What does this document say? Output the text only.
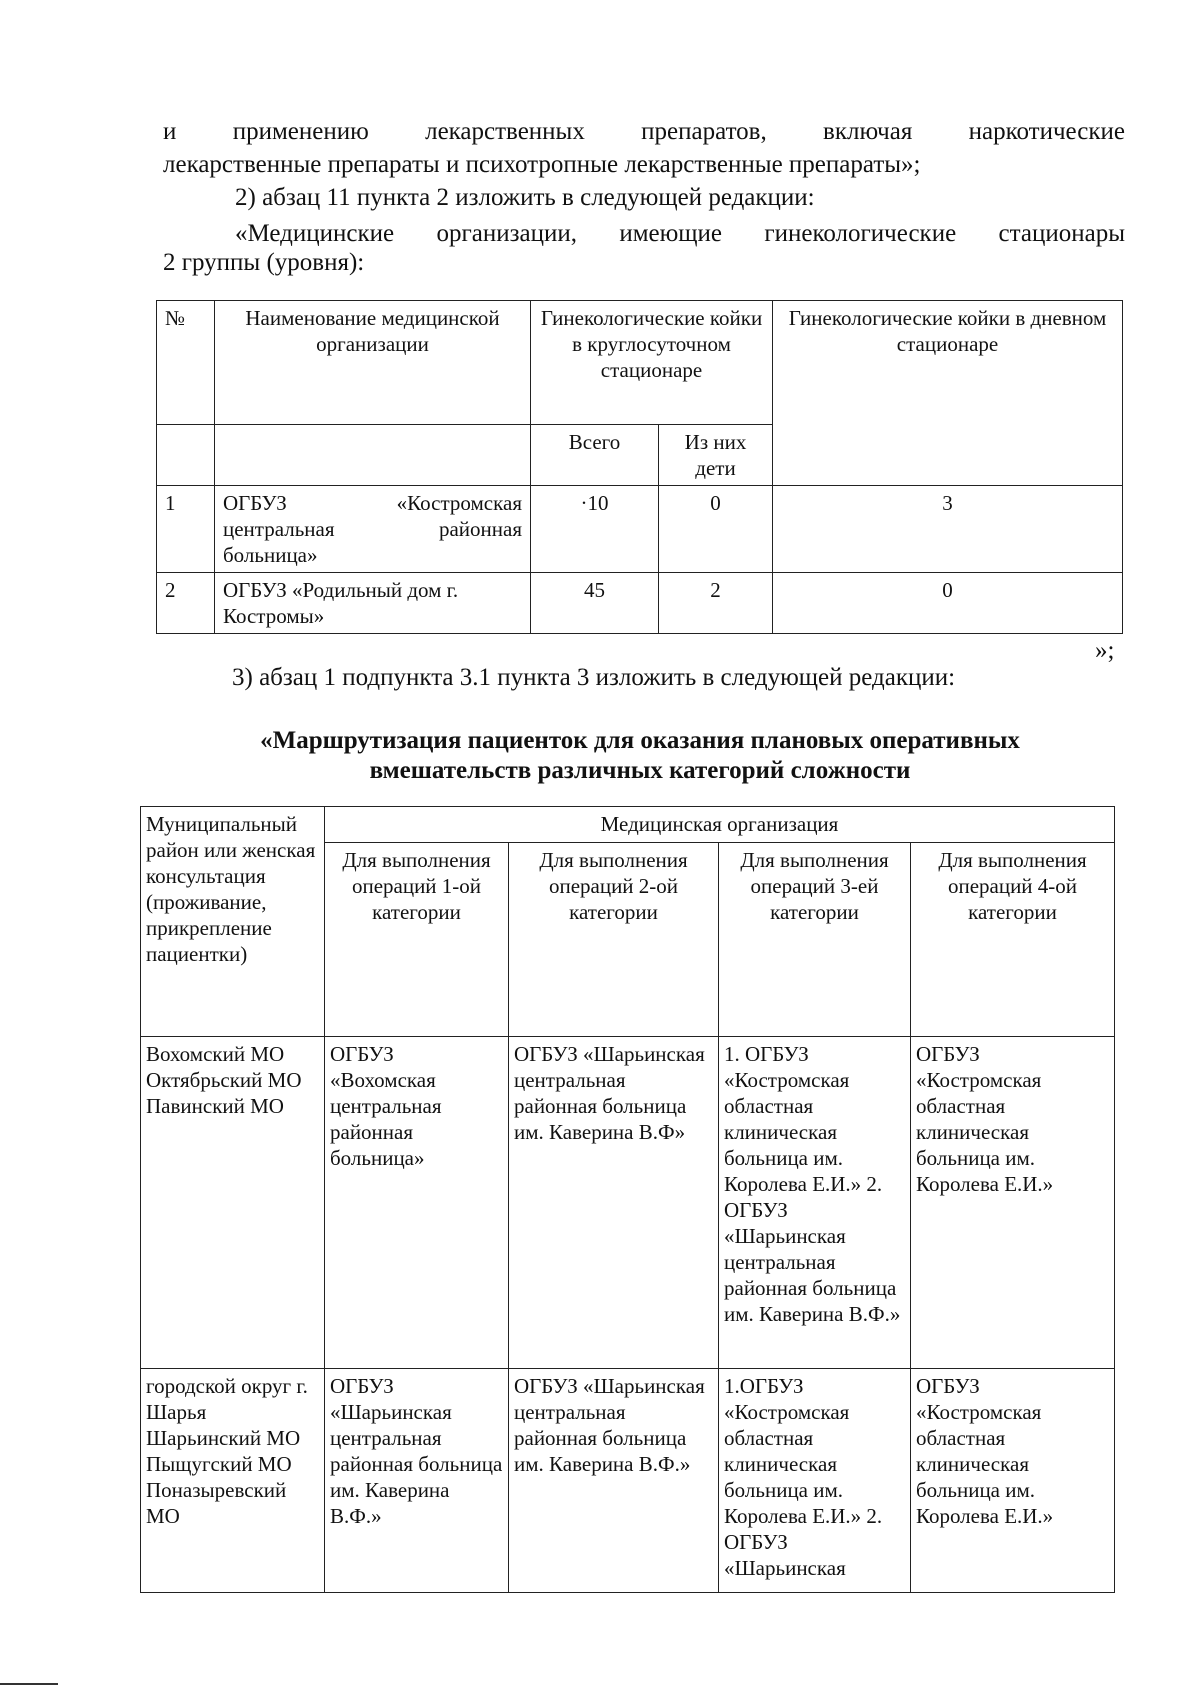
и применению лекарственных препаратов, включая наркотические
лекарственные препараты и психотропные лекарственные препараты»;
2) абзац 11 пункта 2 изложить в следующей редакции:
«Медицинские организации, имеющие гинекологические стационары
2 группы (уровня):
№	Наименование медицинской организации	Гинекологические койки в круглосуточном стационаре		Гинекологические койки в дневном стационаре
		Всего	Из них дети	
1	ОГБУЗ «Костромская центральная районная больница»	·10	0	3
2	ОГБУЗ «Родильный дом г. Костромы»	45	2	0
»;
3) абзац 1 подпункта 3.1 пункта 3 изложить в следующей редакции:
«Маршрутизация пациенток для оказания плановых оперативных
вмешательств различных категорий сложности
Муниципальный район или женская консультация (проживание, прикрепление пациентки)	Медицинская организация			
	Для выполнения операций 1-ой категории	Для выполнения операций 2-ой категории	Для выполнения операций 3-ей категории	Для выполнения операций 4-ой категории
Вохомский МО Октябрьский МО Павинский МО	ОГБУЗ «Вохомская центральная районная больница»	ОГБУЗ «Шарьинская центральная районная больница им. Каверина В.Ф»	1. ОГБУЗ «Костромская областная клиническая больница им. Королева Е.И.» 2. ОГБУЗ «Шарьинская центральная районная больница им. Каверина В.Ф.»	ОГБУЗ «Костромская областная клиническая больница им. Королева Е.И.»
городской округ г. Шарья Шарьинский МО Пыщугский МО Поназыревский МО	ОГБУЗ «Шарьинская центральная районная больница им. Каверина В.Ф.»	ОГБУЗ «Шарьинская центральная районная больница им. Каверина В.Ф.»	1.ОГБУЗ «Костромская областная клиническая больница им. Королева Е.И.» 2. ОГБУЗ «Шарьинская	ОГБУЗ «Костромская областная клиническая больница им. Королева Е.И.»
